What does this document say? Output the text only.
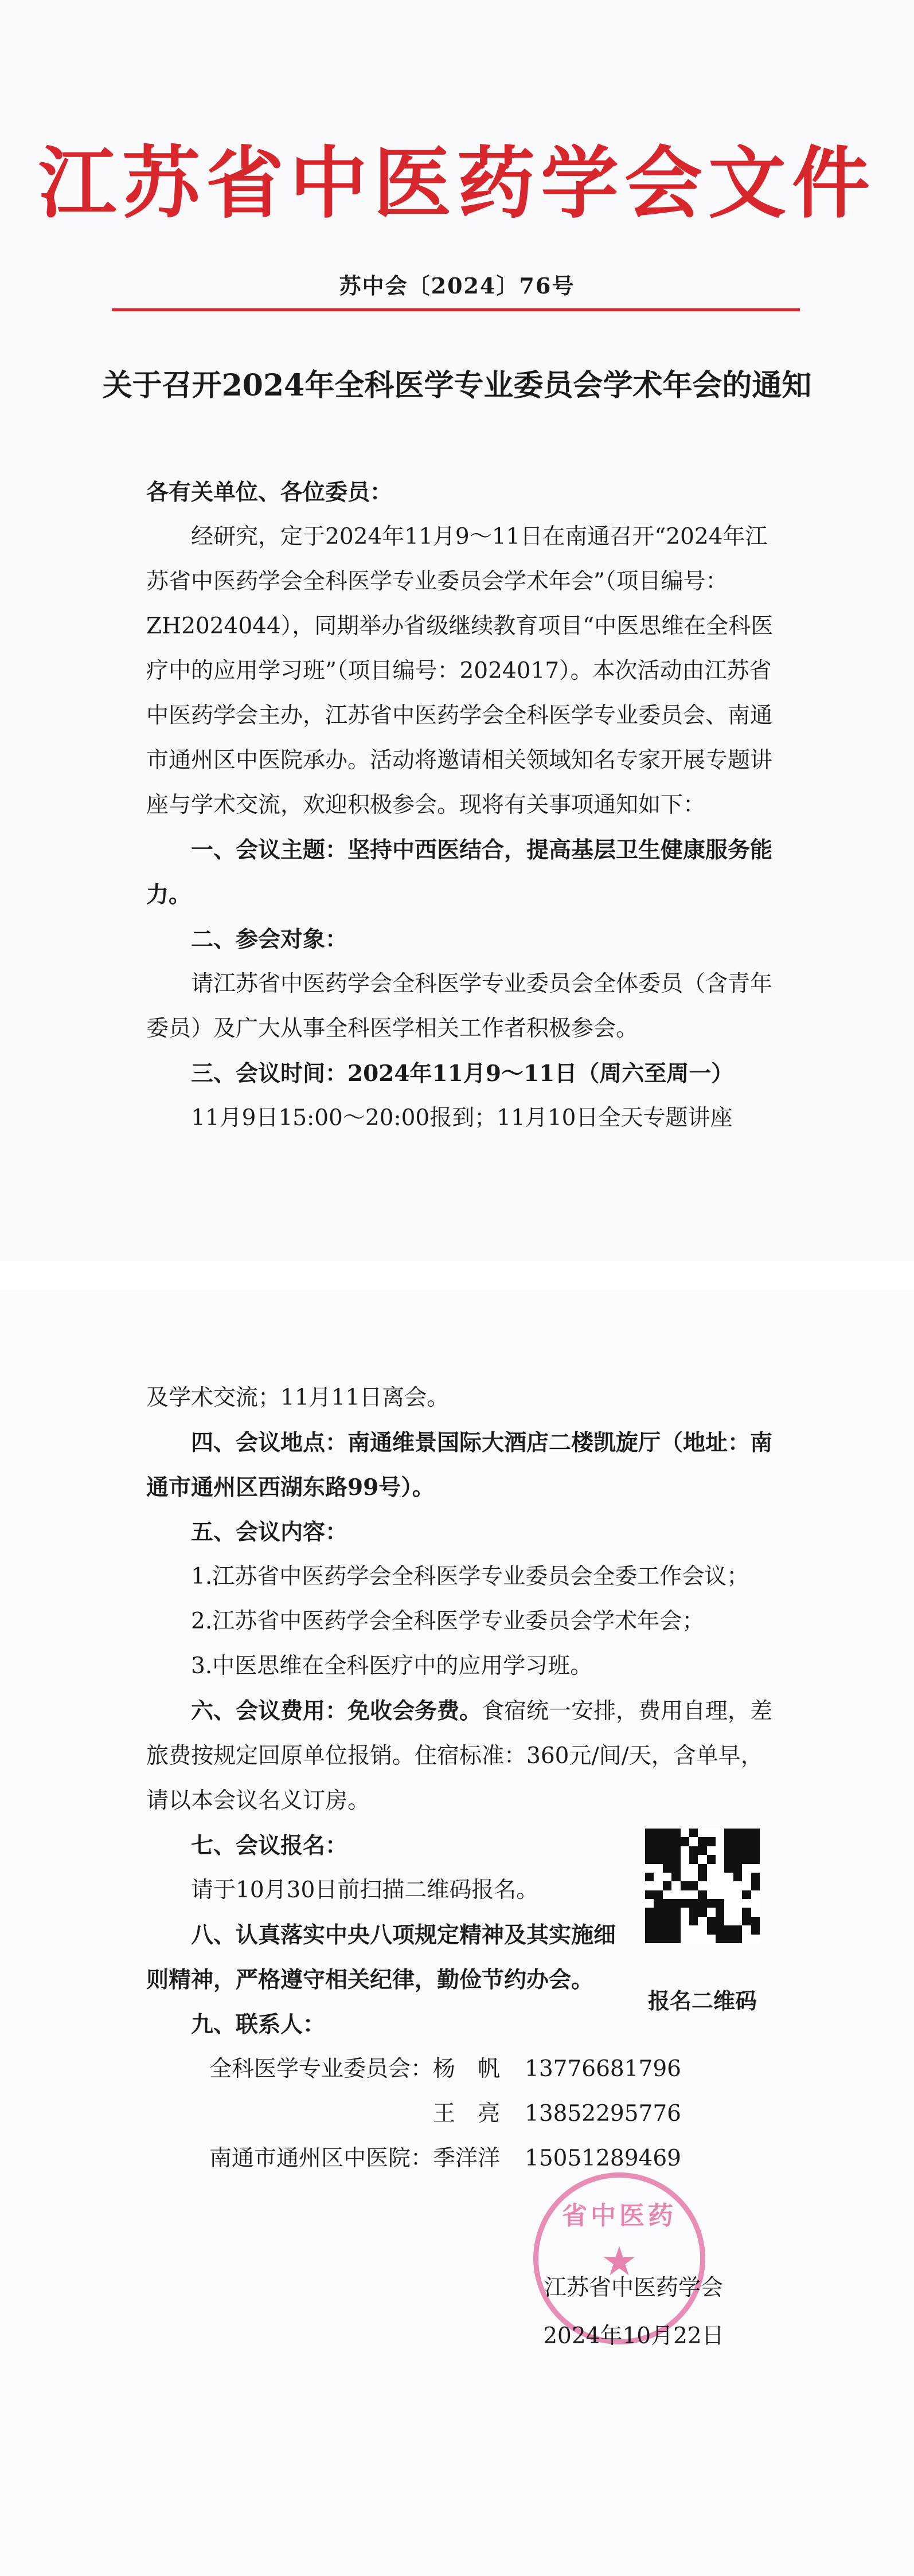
江苏省中医药学会文件
苏中会〔2024〕76号
关于召开2024年全科医学专业委员会学术年会的通知

各有关单位、各位委员：

经研究，定于2024年11月9～11日在南通召开“2024年江苏省中医药学会全科医学专业委员会学术年会”（项目编号：ZH2024044），同期举办省级继续教育项目“中医思维在全科医疗中的应用学习班”（项目编号：2024017）。本次活动由江苏省中医药学会主办，江苏省中医药学会全科医学专业委员会、南通市通州区中医院承办。活动将邀请相关领域知名专家开展专题讲座与学术交流，欢迎积极参会。现将有关事项通知如下：

一、会议主题：坚持中西医结合，提高基层卫生健康服务能力。

二、参会对象：

请江苏省中医药学会全科医学专业委员会全体委员（含青年委员）及广大从事全科医学相关工作者积极参会。

三、会议时间：2024年11月9～11日（周六至周一）

11月9日15:00～20:00报到；11月10日全天专题讲座

及学术交流；11月11日离会。

四、会议地点：南通维景国际大酒店二楼凯旋厅（地址：南通市通州区西湖东路99号）。

五、会议内容：

1.江苏省中医药学会全科医学专业委员会全委工作会议；

2.江苏省中医药学会全科医学专业委员会学术年会；

3.中医思维在全科医疗中的应用学习班。

六、会议费用：免收会务费。食宿统一安排，费用自理，差旅费按规定回原单位报销。住宿标准：360元/间/天，含单早，请以本会议名义订房。

七、会议报名：

请于10月30日前扫描二维码报名。

八、认真落实中央八项规定精神及其实施细则精神，严格遵守相关纪律，勤俭节约办会。

九、联系人：

全科医学专业委员会：杨　帆 13776681796
王　亮 13852295776
南通市通州区中医院：季洋洋 15051289469
报名二维码
省中医药
★
江苏省中医药学会
2024年10月22日
